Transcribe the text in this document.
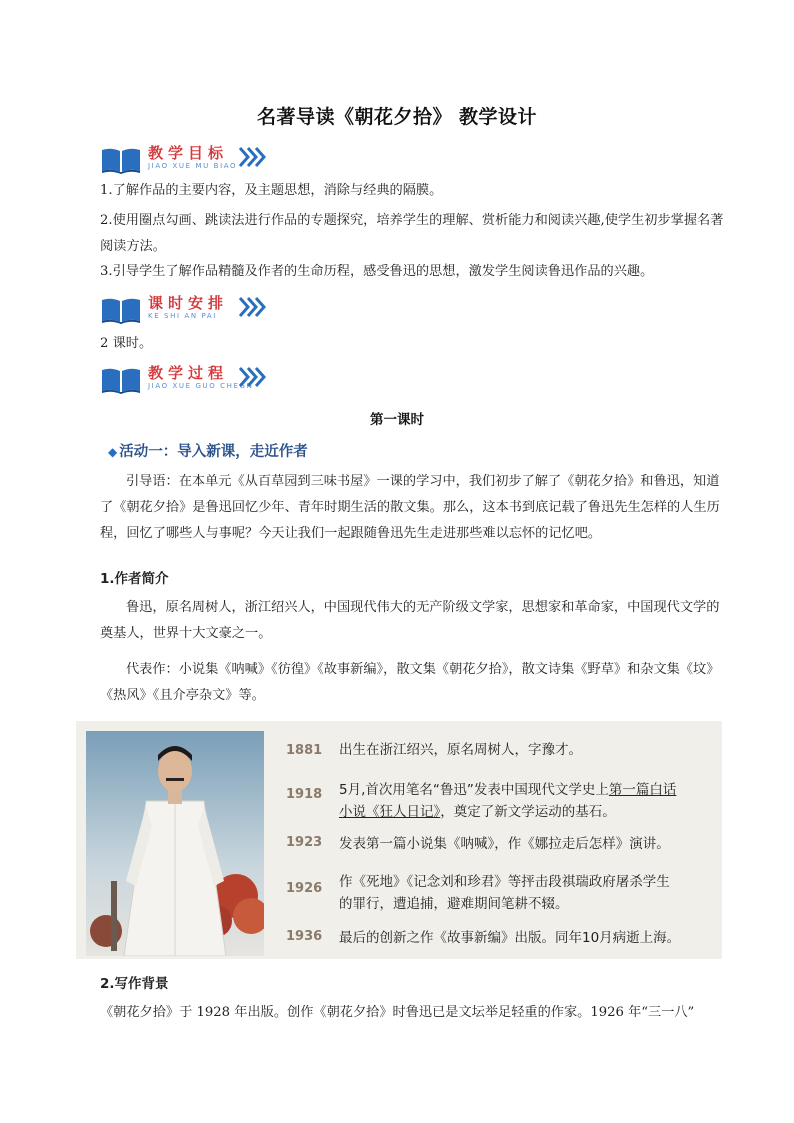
名著导读《朝花夕拾》 教学设计
教学目标
JIAO XUE MU BIAO
1.了解作品的主要内容，及主题思想，消除与经典的隔膜。
2.使用圈点勾画、跳读法进行作品的专题探究，培养学生的理解、赏析能力和阅读兴趣,使学生初步掌握名著阅读方法。
3.引导学生了解作品精髓及作者的生命历程，感受鲁迅的思想，激发学生阅读鲁迅作品的兴趣。
课时安排
KE SHI AN PAI
2 课时。
教学过程
JIAO XUE GUO CHEGN
第一课时
◆ 活动一：导入新课，走近作者
引导语：在本单元《从百草园到三味书屋》一课的学习中，我们初步了解了《朝花夕拾》和鲁迅，知道了《朝花夕拾》是鲁迅回忆少年、青年时期生活的散文集。那么，这本书到底记载了鲁迅先生怎样的人生历程，回忆了哪些人与事呢？今天让我们一起跟随鲁迅先生走进那些难以忘怀的记忆吧。
1.作者简介
鲁迅，原名周树人，浙江绍兴人，中国现代伟大的无产阶级文学家，思想家和革命家，中国现代文学的奠基人，世界十大文豪之一。
代表作：小说集《呐喊》《彷徨》《故事新编》，散文集《朝花夕拾》，散文诗集《野草》和杂文集《坟》《热风》《且介亭杂文》等。
1881 出生在浙江绍兴，原名周树人，字豫才。
1918 5月,首次用笔名“鲁迅”发表中国现代文学史上第一篇白话
小说《狂人日记》，奠定了新文学运动的基石。
1923 发表第一篇小说集《呐喊》，作《娜拉走后怎样》演讲。
1926 作《死地》《记念刘和珍君》等抨击段祺瑞政府屠杀学生的罪行，遭追捕，避难期间笔耕不辍。
1936 最后的创新之作《故事新编》出版。同年10月病逝上海。
2.写作背景
《朝花夕拾》于 1928 年出版。创作《朝花夕拾》时鲁迅已是文坛举足轻重的作家。1926 年“三一八”
